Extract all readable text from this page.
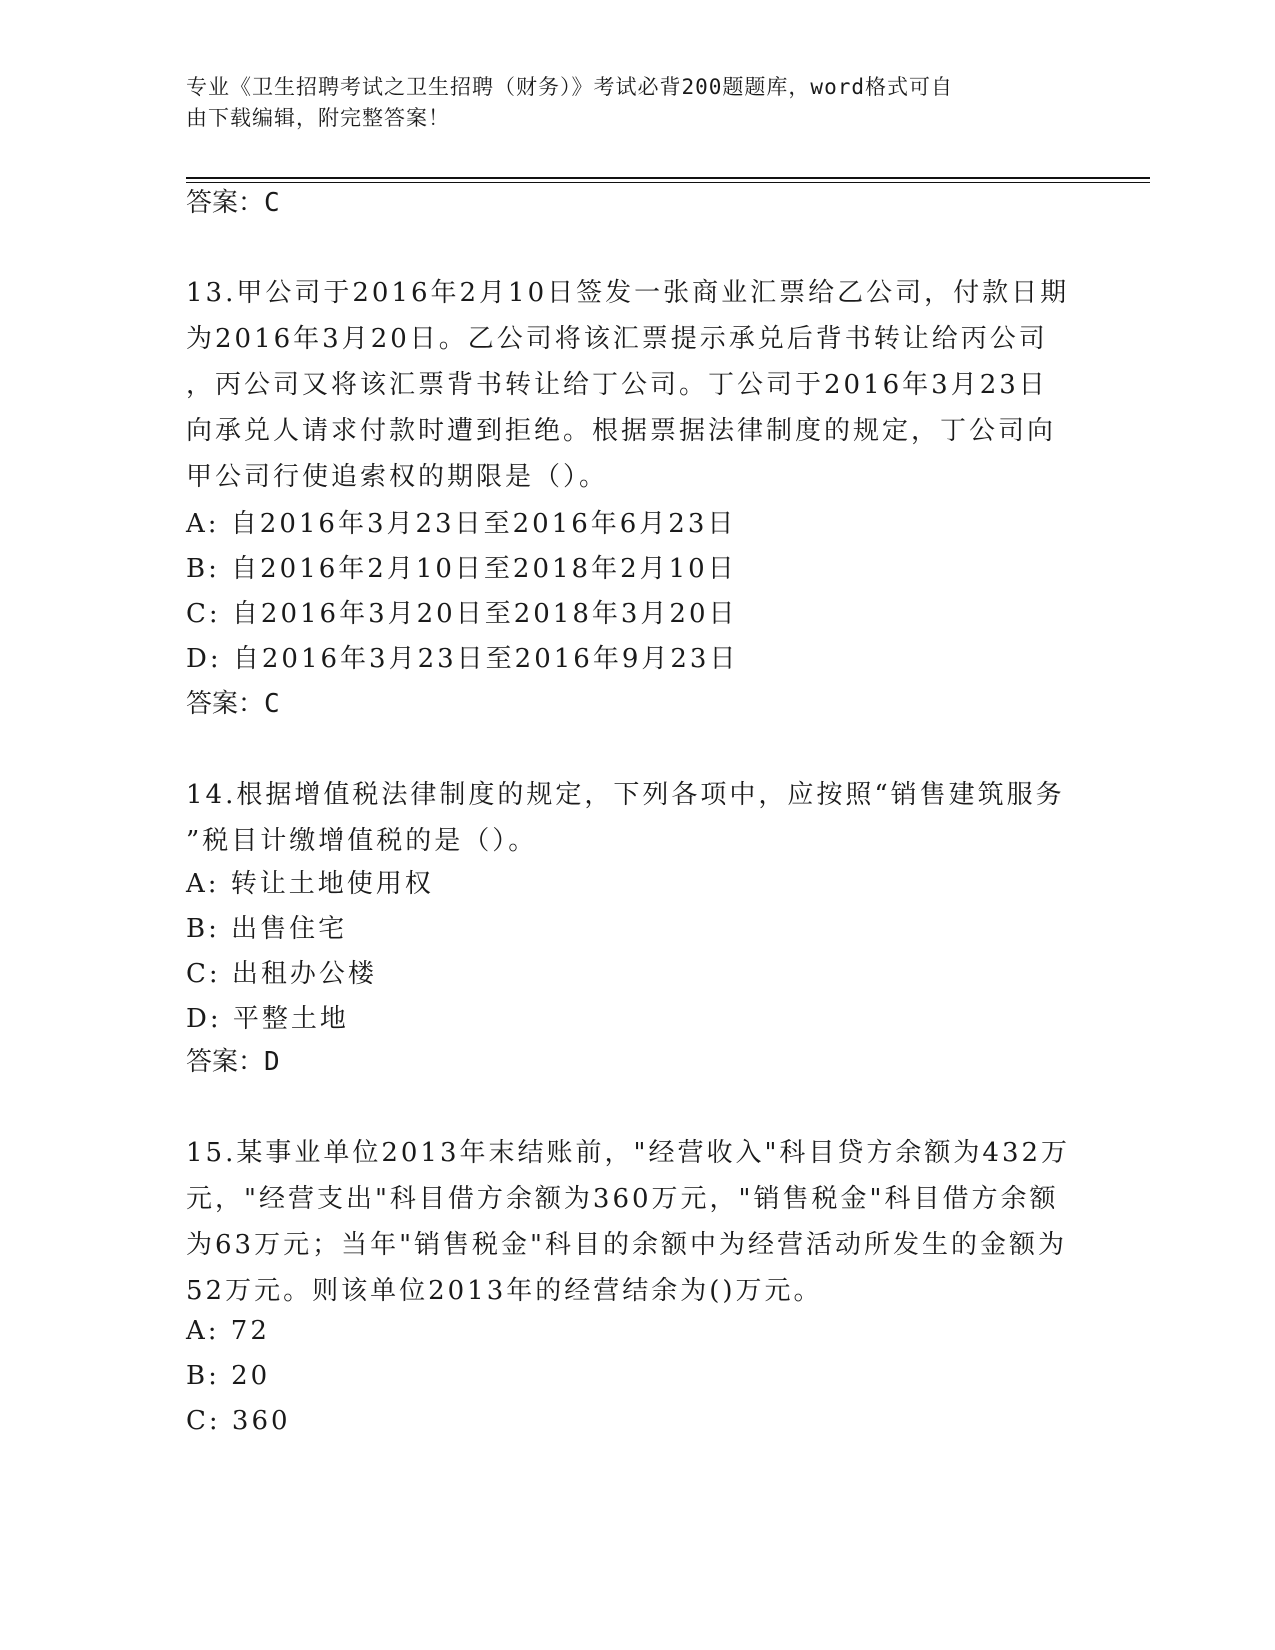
专业《卫生招聘考试之卫生招聘（财务）》考试必背200题题库，word格式可自
由下载编辑，附完整答案！
答案：C

13.甲公司于2016年2月10日签发一张商业汇票给乙公司，付款日期

为2016年3月20日。乙公司将该汇票提示承兑后背书转让给丙公司

，丙公司又将该汇票背书转让给丁公司。丁公司于2016年3月23日

向承兑人请求付款时遭到拒绝。根据票据法律制度的规定，丁公司向

甲公司行使追索权的期限是（）。

A: 自2016年3月23日至2016年6月23日
B: 自2016年2月10日至2018年2月10日
C: 自2016年3月20日至2018年3月20日
D: 自2016年3月23日至2016年9月23日
答案：C

14.根据增值税法律制度的规定，下列各项中，应按照“销售建筑服务

”税目计缴增值税的是（）。

A: 转让土地使用权
B: 出售住宅
C: 出租办公楼
D: 平整土地
答案：D

15.某事业单位2013年末结账前，"经营收入"科目贷方余额为432万

元，"经营支出"科目借方余额为360万元，"销售税金"科目借方余额

为63万元；当年"销售税金"科目的余额中为经营活动所发生的金额为

52万元。则该单位2013年的经营结余为()万元。

A: 72
B: 20
C: 360
